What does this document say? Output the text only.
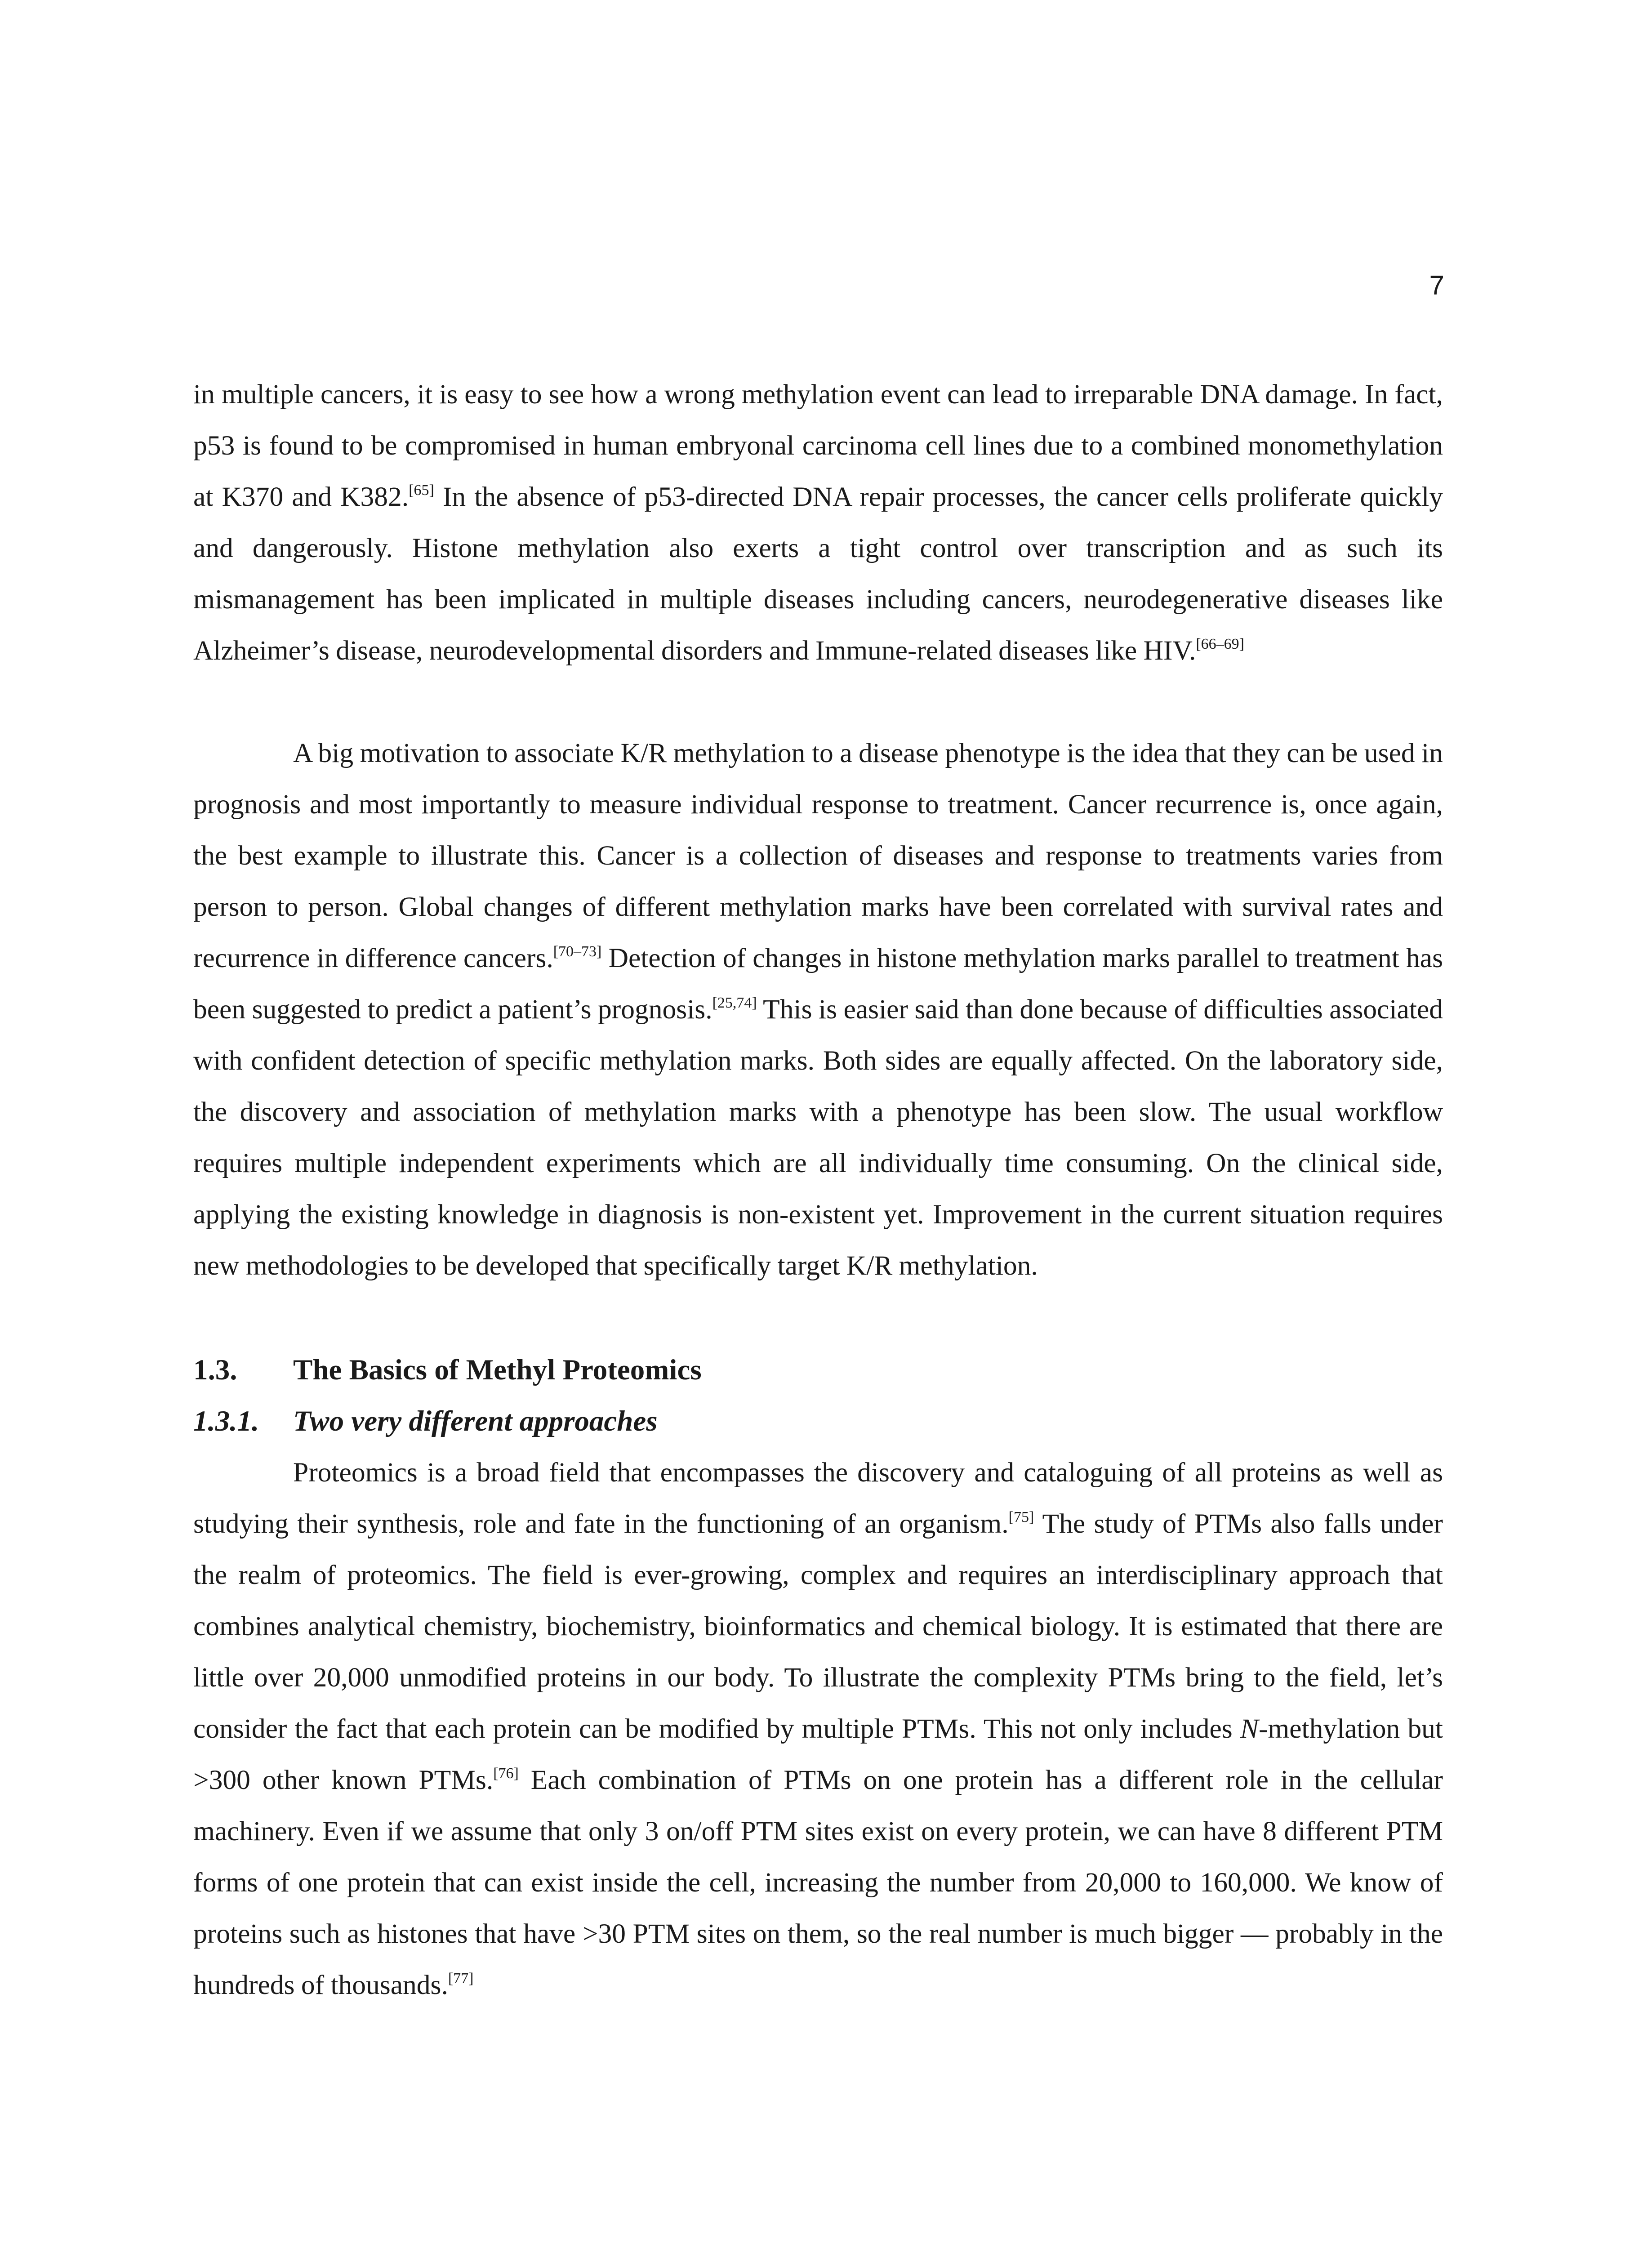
7

in multiple cancers, it is easy to see how a wrong methylation event can lead to irreparable DNA damage. In fact, p53 is found to be compromised in human embryonal carcinoma cell lines due to a combined monomethylation at K370 and K382.[65] In the absence of p53-directed DNA repair processes, the cancer cells proliferate quickly and dangerously. Histone methylation also exerts a tight control over transcription and as such its mismanagement has been implicated in multiple diseases including cancers, neurodegenerative diseases like Alzheimer’s disease, neurodevelopmental disorders and Immune-related diseases like HIV.[66–69]

A big motivation to associate K/R methylation to a disease phenotype is the idea that they can be used in prognosis and most importantly to measure individual response to treatment. Cancer recurrence is, once again, the best example to illustrate this. Cancer is a collection of diseases and response to treatments varies from person to person. Global changes of different methylation marks have been correlated with survival rates and recurrence in difference cancers.[70–73] Detection of changes in histone methylation marks parallel to treatment has been suggested to predict a patient’s prognosis.[25,74] This is easier said than done because of difficulties associated with confident detection of specific methylation marks. Both sides are equally affected. On the laboratory side, the discovery and association of methylation marks with a phenotype has been slow. The usual workflow requires multiple independent experiments which are all individually time consuming. On the clinical side, applying the existing knowledge in diagnosis is non-existent yet. Improvement in the current situation requires new methodologies to be developed that specifically target K/R methylation.

1.3.	The Basics of Methyl Proteomics
1.3.1.	Two very different approaches

Proteomics is a broad field that encompasses the discovery and cataloguing of all proteins as well as studying their synthesis, role and fate in the functioning of an organism.[75] The study of PTMs also falls under the realm of proteomics. The field is ever-growing, complex and requires an interdisciplinary approach that combines analytical chemistry, biochemistry, bioinformatics and chemical biology. It is estimated that there are little over 20,000 unmodified proteins in our body. To illustrate the complexity PTMs bring to the field, let’s consider the fact that each protein can be modified by multiple PTMs. This not only includes N-methylation but >300 other known PTMs.[76] Each combination of PTMs on one protein has a different role in the cellular machinery. Even if we assume that only 3 on/off PTM sites exist on every protein, we can have 8 different PTM forms of one protein that can exist inside the cell, increasing the number from 20,000 to 160,000. We know of proteins such as histones that have >30 PTM sites on them, so the real number is much bigger — probably in the hundreds of thousands.[77]
